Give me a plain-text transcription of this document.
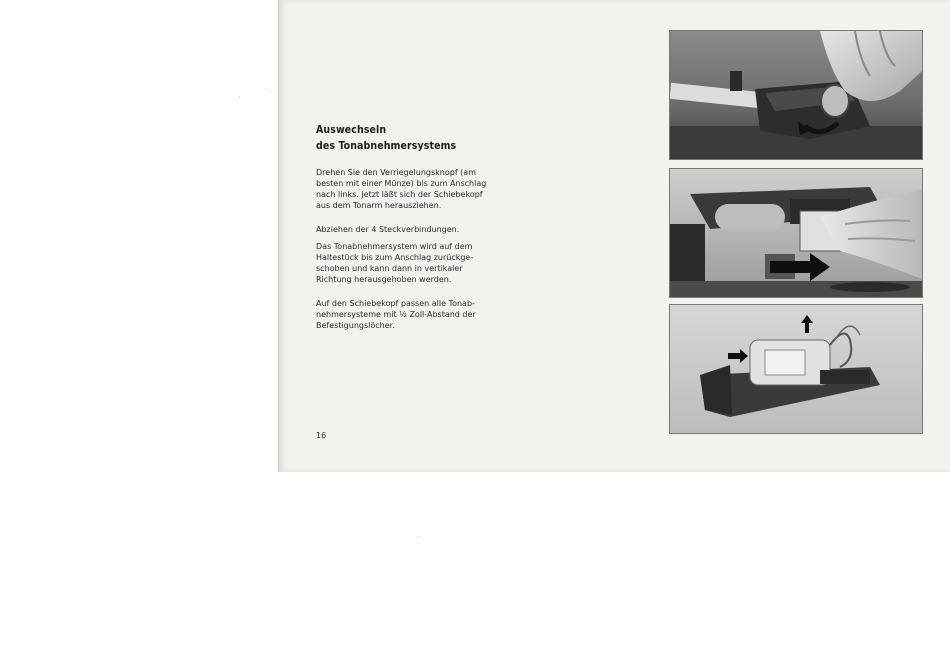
Auswechseln
des Tonabnehmersystems
Drehen Sie den Verriegelungsknopf (am
besten mit einer Münze) bis zum Anschlag
nach links. Jetzt läßt sich der Schiebekopf
aus dem Tonarm herausziehen.
Abziehen der 4 Steckverbindungen.
Das Tonabnehmersystem wird auf dem
Haltestück bis zum Anschlag zurückge-
schoben und kann dann in vertikaler
Richtung herausgehoben werden.
Auf den Schiebekopf passen alle Tonab-
nehmersysteme mit ½ Zoll-Abstand der
Befestigungslöcher.
16
·	·
·
